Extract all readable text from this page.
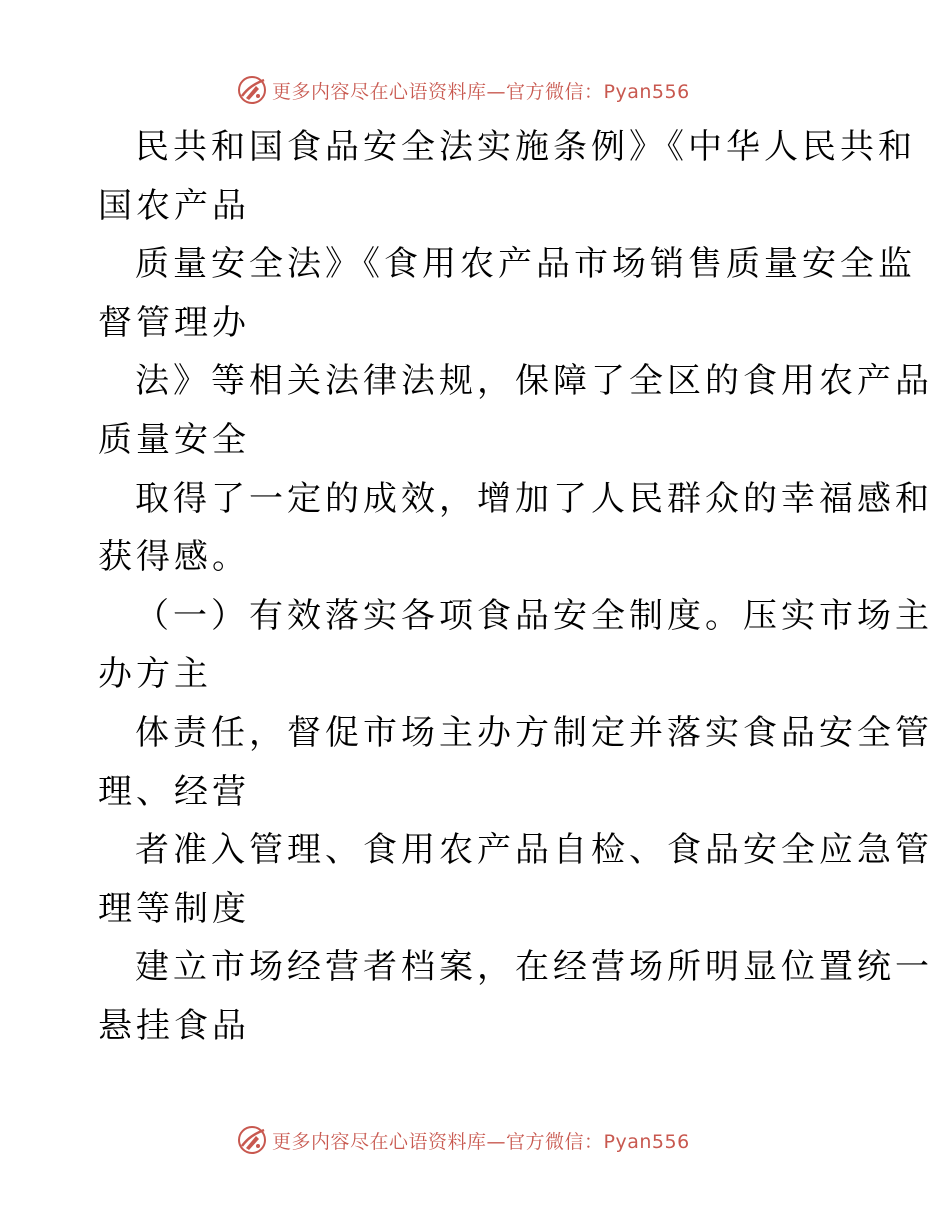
更多内容尽在心语资料库—官方微信：Pyan556
民共和国食品安全法实施条例》《中华人民共和
国农产品
质量安全法》《食用农产品市场销售质量安全监
督管理办
法》等相关法律法规，保障了全区的食用农产品
质量安全
取得了一定的成效，增加了人民群众的幸福感和
获得感。
（一）有效落实各项食品安全制度。压实市场主
办方主
体责任，督促市场主办方制定并落实食品安全管
理、经营
者准入管理、食用农产品自检、食品安全应急管
理等制度
建立市场经营者档案，在经营场所明显位置统一
悬挂食品
更多内容尽在心语资料库—官方微信：Pyan556
